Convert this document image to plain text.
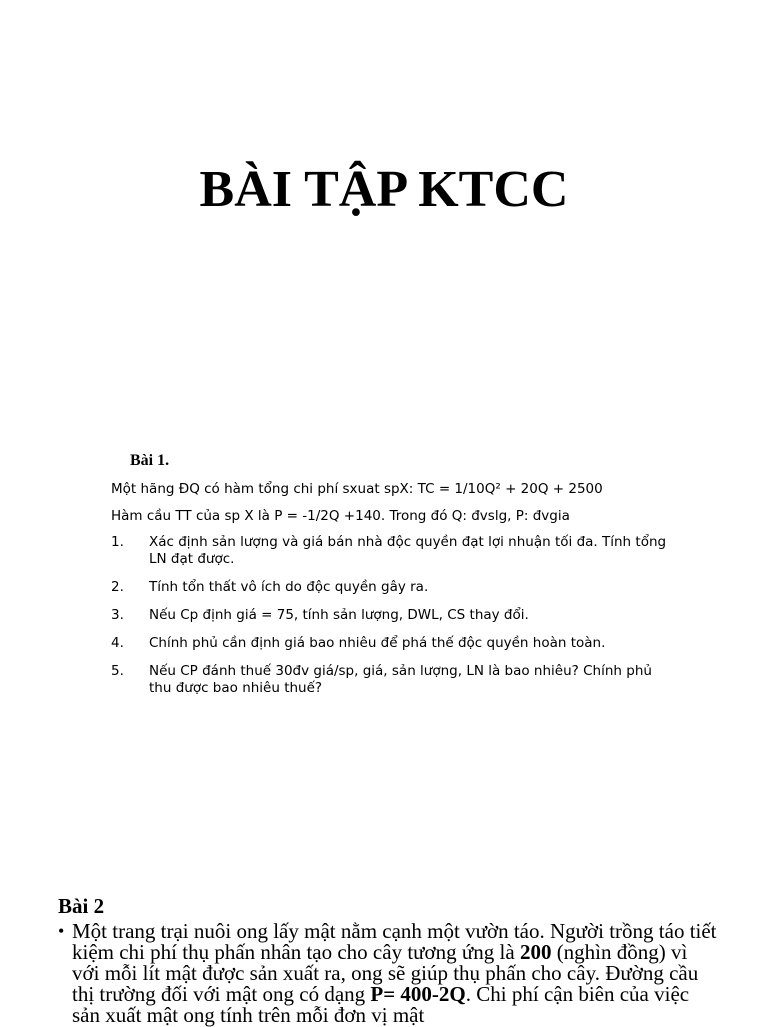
BÀI TẬP KTCC
Bài 1.
Một hãng ĐQ có hàm tổng chi phí sxuat spX: TC = 1/10Q² + 20Q + 2500
Hàm cầu TT của sp X là P = -1/2Q +140. Trong đó Q: đvslg, P: đvgia
1. Xác định sản lượng và giá bán nhà độc quyền đạt lợi nhuận tối đa. Tính tổng LN đạt được.
2. Tính tổn thất vô ích do độc quyền gây ra.
3. Nếu Cp định giá = 75, tính sản lượng, DWL, CS thay đổi.
4. Chính phủ cần định giá bao nhiêu để phá thế độc quyền hoàn toàn.
5. Nếu CP đánh thuế 30đv giá/sp, giá, sản lượng, LN là bao nhiêu? Chính phủ thu được bao nhiêu thuế?
Bài 2
• Một trang trại nuôi ong lấy mật nằm cạnh một vườn táo. Người trồng táo tiết kiệm chi phí thụ phấn nhân tạo cho cây tương ứng là 200 (nghìn đồng) vì với mỗi lít mật được sản xuất ra, ong sẽ giúp thụ phấn cho cây. Đường cầu thị trường đối với mật ong có dạng P= 400-2Q. Chi phí cận biên của việc sản xuất mật ong tính trên mỗi đơn vị mật
